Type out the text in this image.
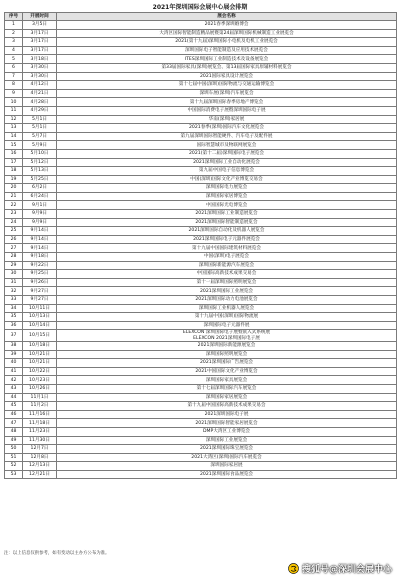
2021年深圳国际会展中心展会排期
序号	开展时间	展会名称
1	3月5日	2021春季深圳婚博会

2	3月17日	大湾区国际智能制造精品展暨第24届深圳国际机械制造工业展览会

3	3月17日	2021(第十九届)深圳国际小电机及电机工业展览会

4	3月17日	深圳国际电子智能制造及应用技术展览会

5	3月18日	ITES深圳国际工业制造技术及设备展览会

6	3月30日	第33届国际家具(深圳)展览会、第13届国际家具原辅材料展览会

7	3月30日	2021国际家具设计展览会

8	4月12日	第十七届中国(深圳)国际物流与交通运输博览会

9	4月21日	深圳车展(深圳)汽车展览会

10	4月28日	第十九届深圳国际春季房地产博览会

11	4月29日	中国国际消费电子展暨深圳国际电子展

12	5月1日	华南(深圳)家居展

13	5月1日	2021春季(深圳)国际汽车文化展览会

14	5月7日	第九届深圳国际智能硬件、汽车电子及配件展

15	5月9日	国际智慧城市及物联网展览会

16	5月10日	2021(第十二届)深圳国际电子展览会

17	5月12日	2021深圳国际工业自动化展览会

18	5月13日	第九届中国电子信息博览会

19	5月25日	中国(深圳)国际文化产业博览交易会

20	6月2日	深圳国际电力展览会

21	6月24日	深圳国际家居博览会

22	9月1日	中国国际光电博览会

23	9月9日	2021深圳国际工业制造展览会

24	9月9日	2021深圳国际智能制造展览会

25	9月14日	2021深圳国际自动化及机器人展览会

26	9月14日	2021深圳国际电子元器件展览会

27	9月14日	第十九届中国国际建筑材料展览会

28	9月18日	中国(深圳)电子展览会

29	9月22日	深圳国际新能源汽车展览会

30	9月25日	中国国际高新技术成果交易会

31	9月26日	第十一届深圳国际照明展览会

32	9月27日	2021深圳国际工业展览会

33	9月27日	2021深圳国际动力电池展览会

34	10月11日	深圳国际工业机器人展览会

35	10月13日	第十九届中国(深圳)国际物流展

36	10月14日	深圳国际电子元器件展

37	10月15日	ELEXCON 深圳国际电子展暨嵌入式系统展
ELEXCON 2021深圳国际电子展

38	10月18日	2021深圳国际新能源展览会

39	10月21日	深圳国际照明展览会

40	10月21日	2021深圳国际广告展览会

41	10月22日	2021中国国际文化产业博览会

42	10月23日	深圳国际家具展览会

43	10月26日	第十七届深圳国际汽车展览会

44	11月1日	深圳国际家居展览会

45	11月2日	第十九届中国国际高新技术成果交易会

46	11月16日	2021深圳国际电子展

47	11月18日	2021深圳国际智能家居展览会

48	11月23日	DMP大湾区工业博览会

49	11月30日	深圳国际工业展览会

50	12月7日	2021深圳国际珠宝展览会

51	12月8日	2021大湾区(深圳)国际汽车展览会

52	12月13日	深圳国际家居展

53	12月21日	2021深圳国际食品展览会
注：以上信息仅供参考，如有变动以主办方公布为准。
搜狐号@深圳会展中心
